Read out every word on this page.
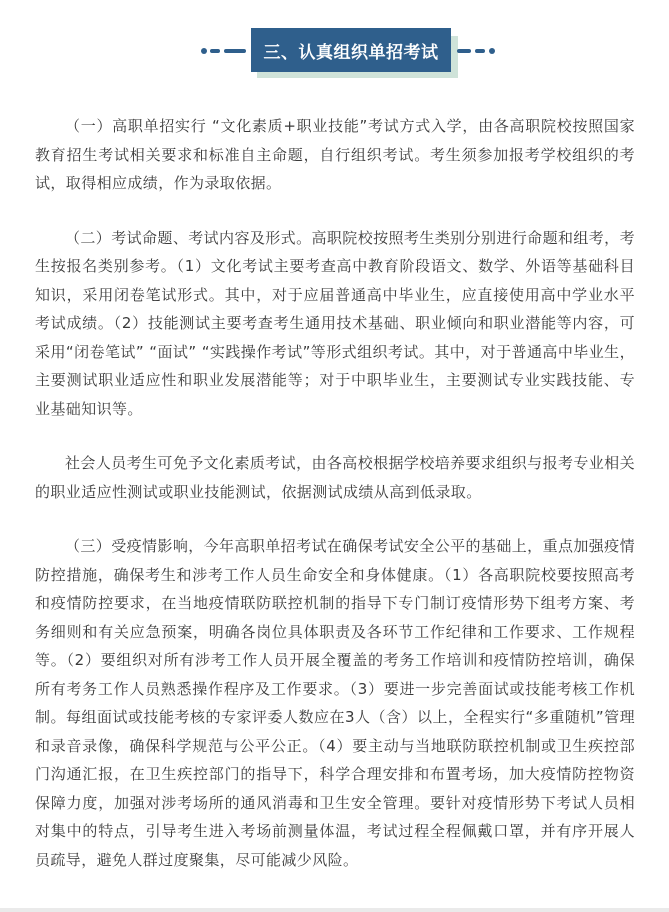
三、认真组织单招考试

（一）高职单招实行 “文化素质+职业技能”考试方式入学，由各高职院校按照国家教育招生考试相关要求和标准自主命题，自行组织考试。考生须参加报考学校组织的考试，取得相应成绩，作为录取依据。

（二）考试命题、考试内容及形式。高职院校按照考生类别分别进行命题和组考，考生按报名类别参考。（1）文化考试主要考查高中教育阶段语文、数学、外语等基础科目知识，采用闭卷笔试形式。其中，对于应届普通高中毕业生，应直接使用高中学业水平考试成绩。（2）技能测试主要考查考生通用技术基础、职业倾向和职业潜能等内容，可采用“闭卷笔试” “面试” “实践操作考试”等形式组织考试。其中，对于普通高中毕业生，主要测试职业适应性和职业发展潜能等；对于中职毕业生，主要测试专业实践技能、专业基础知识等。

社会人员考生可免予文化素质考试，由各高校根据学校培养要求组织与报考专业相关的职业适应性测试或职业技能测试，依据测试成绩从高到低录取。

（三）受疫情影响，今年高职单招考试在确保考试安全公平的基础上，重点加强疫情防控措施，确保考生和涉考工作人员生命安全和身体健康。（1）各高职院校要按照高考和疫情防控要求，在当地疫情联防联控机制的指导下专门制订疫情形势下组考方案、考务细则和有关应急预案，明确各岗位具体职责及各环节工作纪律和工作要求、工作规程等。（2）要组织对所有涉考工作人员开展全覆盖的考务工作培训和疫情防控培训，确保所有考务工作人员熟悉操作程序及工作要求。（3）要进一步完善面试或技能考核工作机制。每组面试或技能考核的专家评委人数应在3人（含）以上，全程实行“多重随机”管理和录音录像，确保科学规范与公平公正。（4）要主动与当地联防联控机制或卫生疾控部门沟通汇报，在卫生疾控部门的指导下，科学合理安排和布置考场，加大疫情防控物资保障力度，加强对涉考场所的通风消毒和卫生安全管理。要针对疫情形势下考试人员相对集中的特点，引导考生进入考场前测量体温，考试过程全程佩戴口罩，并有序开展人员疏导，避免人群过度聚集，尽可能减少风险。
